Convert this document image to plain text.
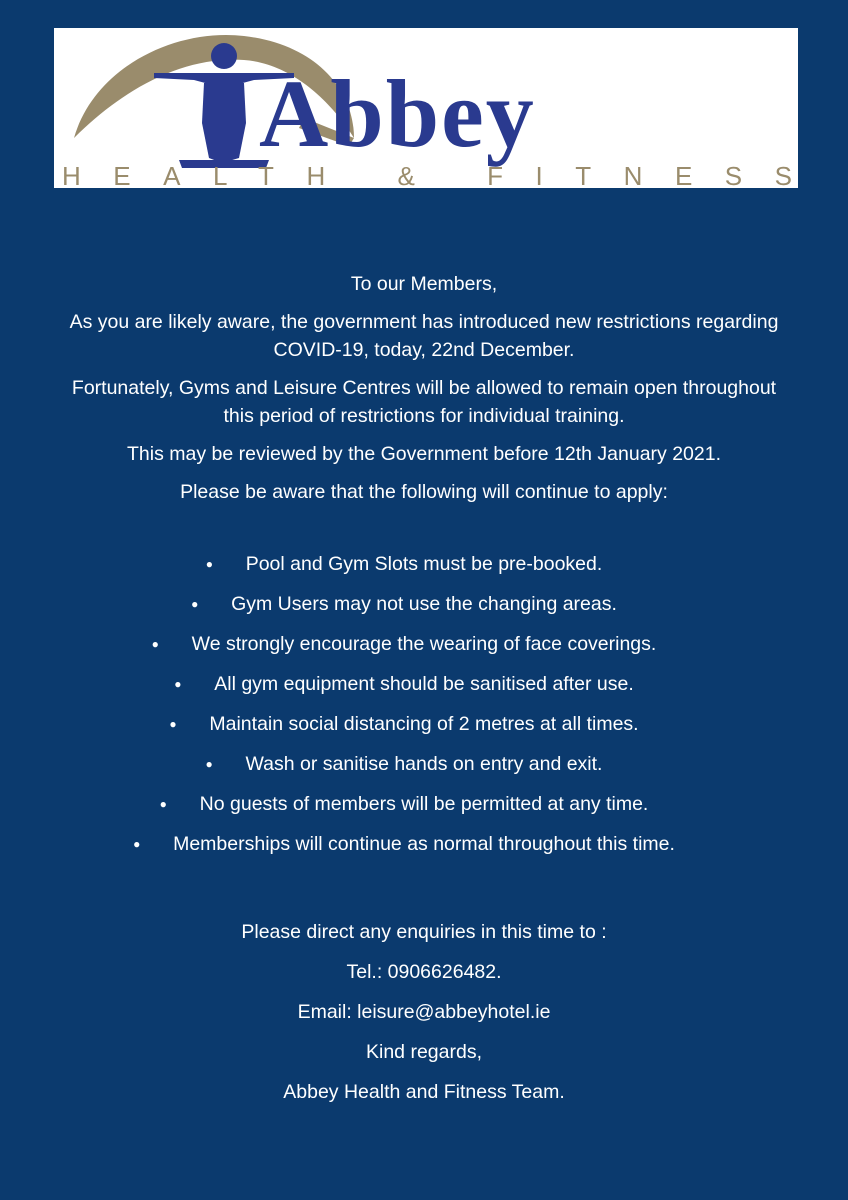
Abbey
HEALTH & FITNESS

To our Members,

As you are likely aware, the government has introduced new restrictions regarding COVID-19, today, 22nd December.

Fortunately, Gyms and Leisure Centres will be allowed to remain open throughout this period of restrictions for individual training.

This may be reviewed by the Government before 12th January 2021.

Please be aware that the following will continue to apply:

● Pool and Gym Slots must be pre-booked.
● Gym Users may not use the changing areas.
● We strongly encourage the wearing of face coverings.
● All gym equipment should be sanitised after use.
● Maintain social distancing of 2 metres at all times.
● Wash or sanitise hands on entry and exit.
● No guests of members will be permitted at any time.
● Memberships will continue as normal throughout this time.

Please direct any enquiries in this time to :

Tel.: 0906626482.

Email: leisure@abbeyhotel.ie

Kind regards,

Abbey Health and Fitness Team.
